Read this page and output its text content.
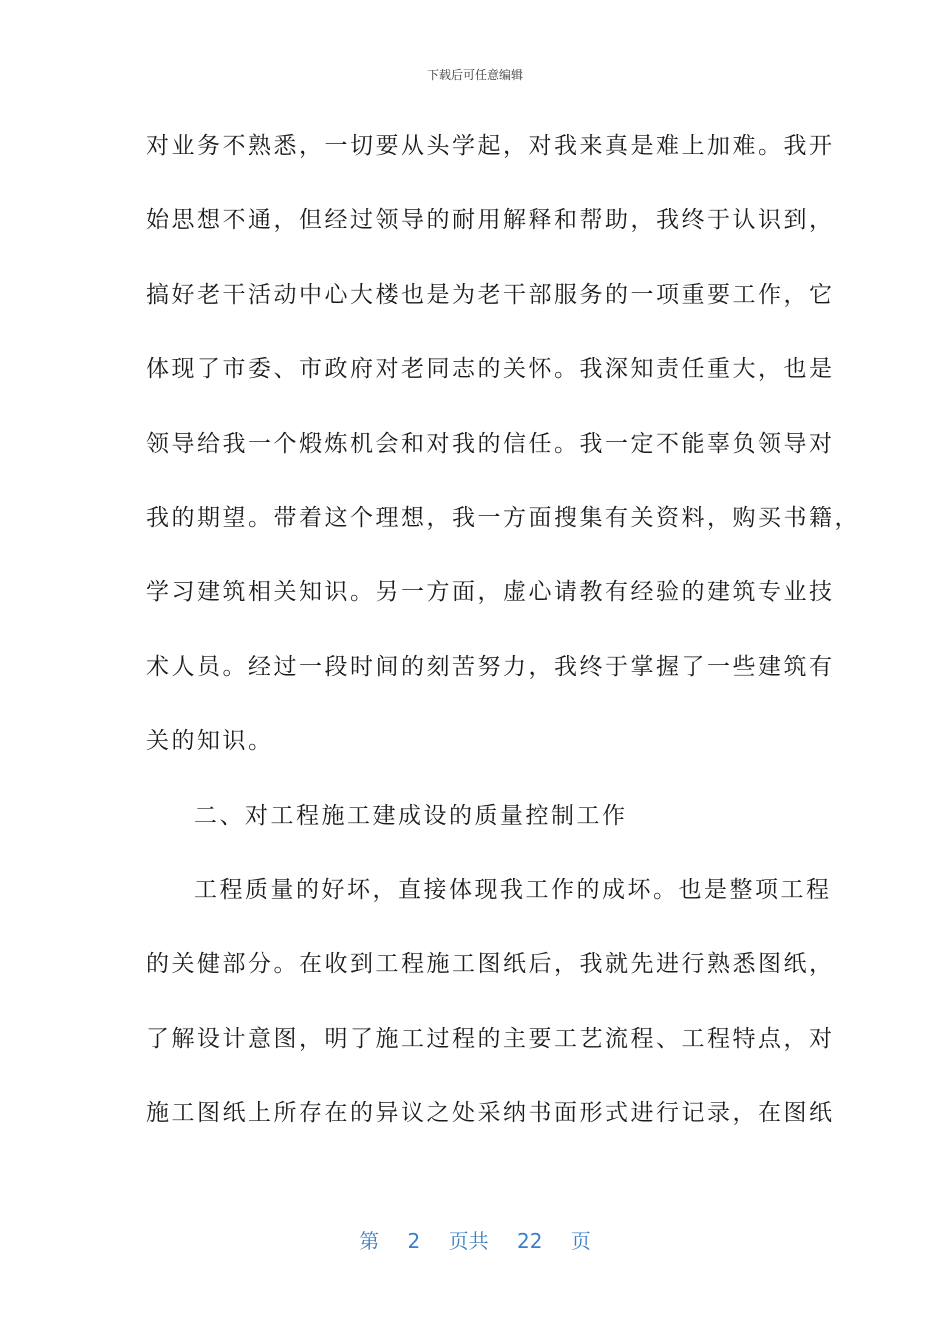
下载后可任意编辑
对业务不熟悉，一切要从头学起，对我来真是难上加难。我开
始思想不通，但经过领导的耐用解释和帮助，我终于认识到，
搞好老干活动中心大楼也是为老干部服务的一项重要工作，它
体现了市委、市政府对老同志的关怀。我深知责任重大，也是
领导给我一个煅炼机会和对我的信任。我一定不能辜负领导对
我的期望。带着这个理想，我一方面搜集有关资料，购买书籍，
学习建筑相关知识。另一方面，虚心请教有经验的建筑专业技
术人员。经过一段时间的刻苦努力，我终于掌握了一些建筑有
关的知识。
二、对工程施工建成设的质量控制工作
工程质量的好坏，直接体现我工作的成坏。也是整项工程
的关健部分。在收到工程施工图纸后，我就先进行熟悉图纸，
了解设计意图，明了施工过程的主要工艺流程、工程特点，对
施工图纸上所存在的异议之处采纳书面形式进行记录，在图纸
第 2 页共 22 页
